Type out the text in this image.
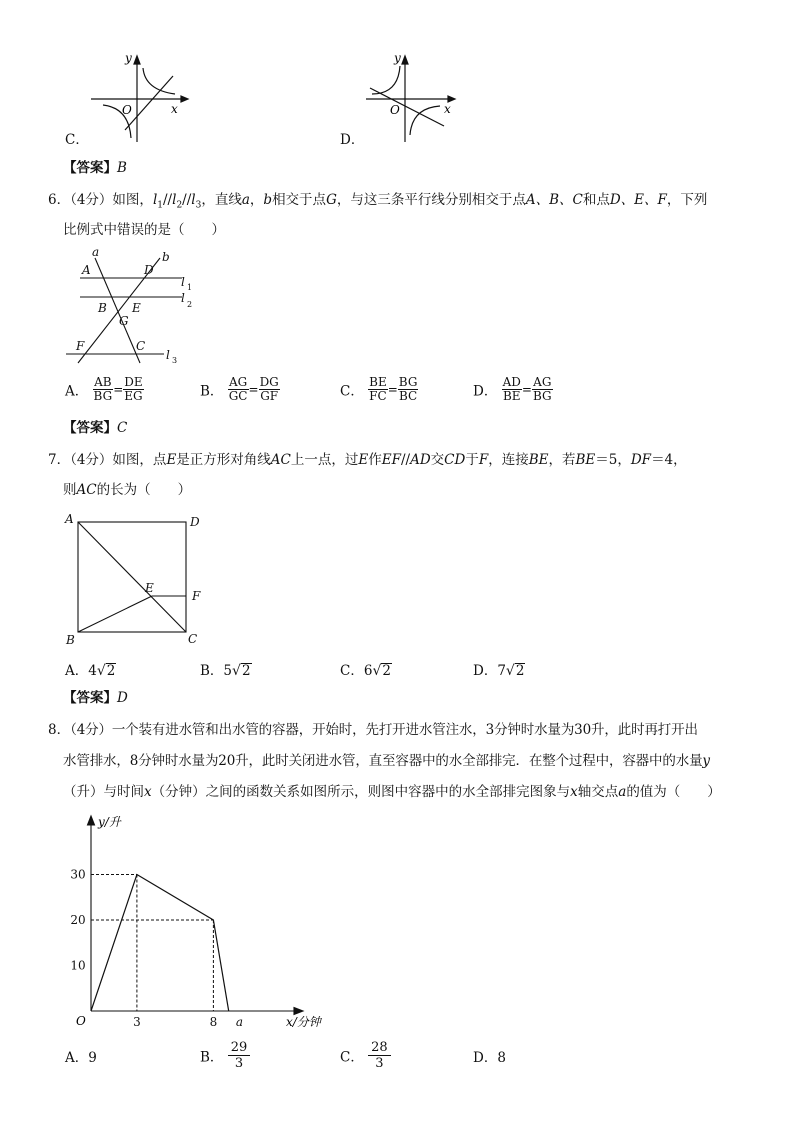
y
x
O
C．
y
x
O
D．
【答案】B
6．（4分）如图，$l_1//l_2//l_3$，直线a，b相交于点G，与这三条平行线分别相交于点A、B、C和点D、E、F，下列
比例式中错误的是（　　）
a	b
A	D
B E
G
F	C
l 1
l 2
l 3
A． $\frac{AB}{BG} = \frac{DE}{EG}$	B． $\frac{AG}{GC} = \frac{DG}{GF}$	C． $\frac{BE}{FC} = \frac{BG}{BC}$	D． $\frac{AD}{BE} = \frac{AG}{BG}$
【答案】C
7．（4分）如图，点E是正方形对角线AC上一点，过E作EF//AD交CD于F，连接BE，若BE＝5，DF＝4，
则AC的长为（　　）
A	D
E
F
B	C
A．4√2	B．5√2	C．6√2	D．7√2
【答案】D
8．（4分）一个装有进水管和出水管的容器，开始时，先打开进水管注水，3分钟时水量为30升，此时再打开出
水管排水，8分钟时水量为20升，此时关闭进水管，直至容器中的水全部排完．在整个过程中，容器中的水量y
（升）与时间x（分钟）之间的函数关系如图所示，则图中容器中的水全部排完图象与x轴交点a的值为（　　）
10
20
30
3	8 a
y/升
x/分钟
O
A．9	B． $\frac{29}{3}$	C． $\frac{28}{3}$	D．8
